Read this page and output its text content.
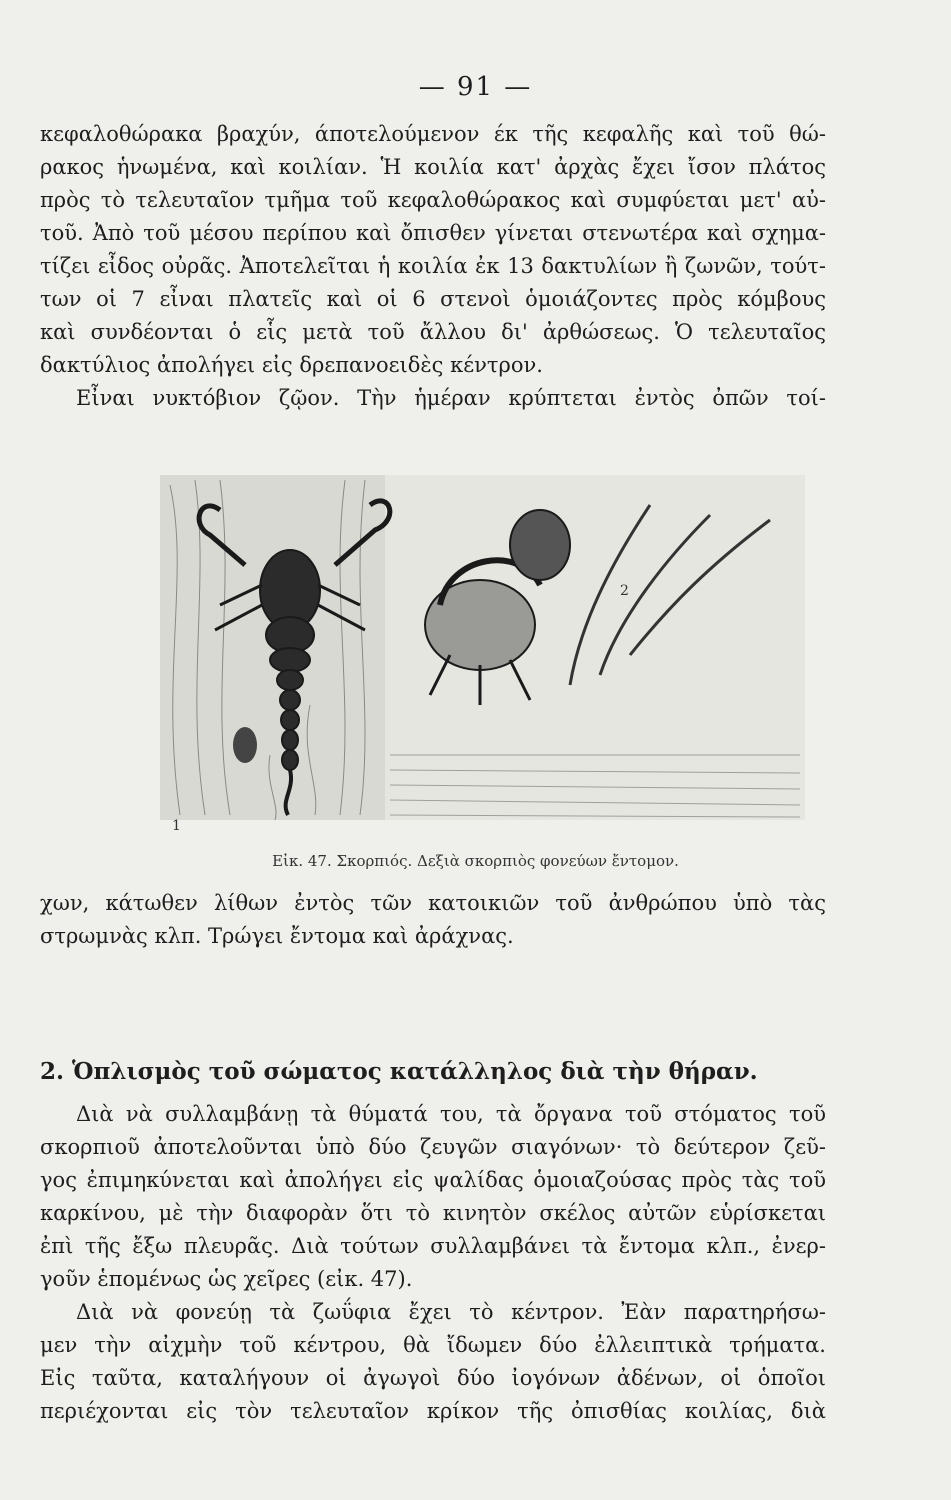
— 91 —
κεφαλοθώρακα βραχύν, άποτελούμενον έκ τῆς κεφαλῆς καὶ τοῦ θώ-
ρακος ἡνωμένα, καὶ κοιλίαν. Ἡ κοιλία κατ' ἀρχὰς ἔχει ἴσον πλάτος
πρὸς τὸ τελευταῖον τμῆμα τοῦ κεφαλοθώρακος καὶ συμφύεται μετ' αὐ-
τοῦ. Ἀπὸ τοῦ μέσου περίπου καὶ ὄπισθεν γίνεται στενωτέρα καὶ σχημα-
τίζει εἶδος οὐρᾶς. Ἀποτελεῖται ἡ κοιλία ἐκ 13 δακτυλίων ἢ ζωνῶν, τούτ-
των οἱ 7 εἶναι πλατεῖς καὶ οἱ 6 στενοὶ ὁμοιάζοντες πρὸς κόμβους
καὶ συνδέονται ὁ εἷς μετὰ τοῦ ἄλλου δι' ἀρθώσεως. Ὁ τελευταῖος
δακτύλιος ἀπολήγει εἰς δρεπανοειδὲς κέντρον.
Εἶναι νυκτόβιον ζῷον. Τὴν ἡμέραν κρύπτεται ἐντὸς ὀπῶν τοί-
1
2
Εἰκ. 47. Σκορπιός. Δεξιὰ σκορπιὸς φονεύων ἔντομον.
χων, κάτωθεν λίθων ἐντὸς τῶν κατοικιῶν τοῦ ἀνθρώπου ὑπὸ τὰς
στρωμνὰς κλπ. Τρώγει ἔντομα καὶ ἀράχνας.
2. Ὁπλισμὸς τοῦ σώματος κατάλληλος διὰ τὴν θήραν.
Διὰ νὰ συλλαμβάνῃ τὰ θύματά του, τὰ ὄργανα τοῦ στόματος τοῦ
σκορπιοῦ ἀποτελοῦνται ὑπὸ δύο ζευγῶν σιαγόνων· τὸ δεύτερον ζεῦ-
γος ἐπιμηκύνεται καὶ ἀπολήγει εἰς ψαλίδας ὁμοιαζούσας πρὸς τὰς τοῦ
καρκίνου, μὲ τὴν διαφορὰν ὅτι τὸ κινητὸν σκέλος αὐτῶν εὑρίσκεται
ἐπὶ τῆς ἔξω πλευρᾶς. Διὰ τούτων συλλαμβάνει τὰ ἔντομα κλπ., ἐνερ-
γοῦν ἑπομένως ὡς χεῖρες (εἰκ. 47).
Διὰ νὰ φονεύῃ τὰ ζωΰφια ἔχει τὸ κέντρον. Ἐὰν παρατηρήσω-
μεν τὴν αἰχμὴν τοῦ κέντρου, θὰ ἴδωμεν δύο ἐλλειπτικὰ τρήματα.
Εἰς ταῦτα, καταλήγουν οἱ ἀγωγοὶ δύο ἰογόνων ἀδένων, οἱ ὁποῖοι
περιέχονται εἰς τὸν τελευταῖον κρίκον τῆς ὀπισθίας κοιλίας, διὰ
